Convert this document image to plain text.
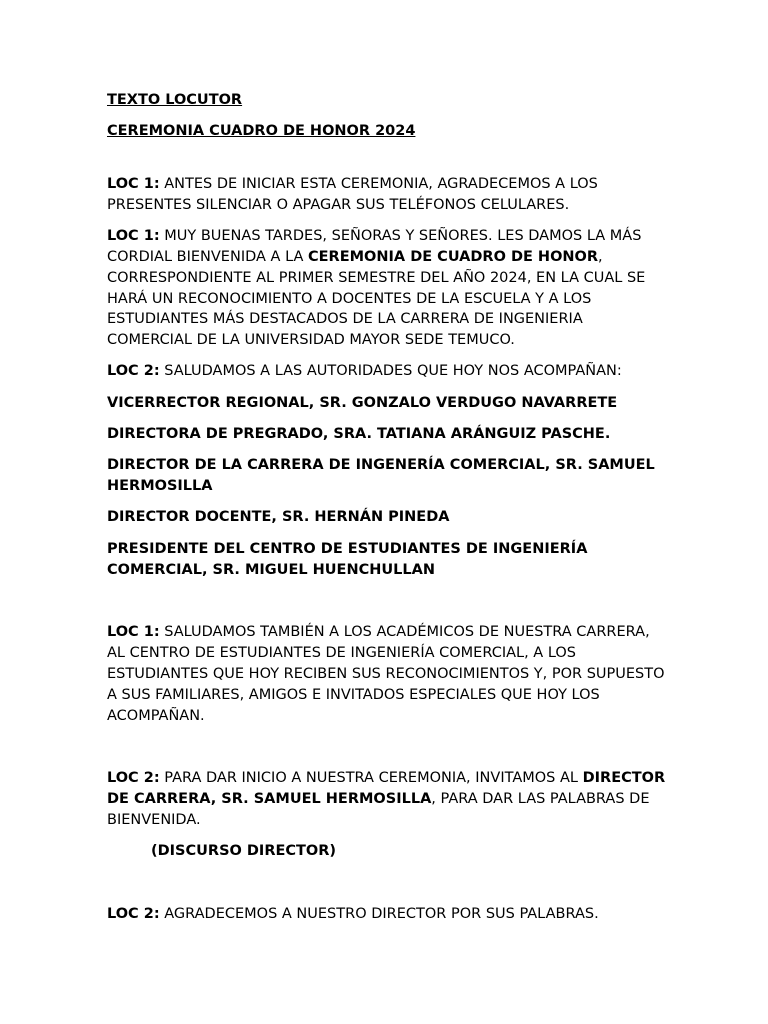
TEXTO LOCUTOR
CEREMONIA CUADRO DE HONOR 2024

LOC 1: ANTES DE INICIAR ESTA CEREMONIA, AGRADECEMOS A LOS PRESENTES SILENCIAR O APAGAR SUS TELÉFONOS CELULARES.

LOC 1: MUY BUENAS TARDES, SEÑORAS Y SEÑORES. LES DAMOS LA MÁS CORDIAL BIENVENIDA A LA CEREMONIA DE CUADRO DE HONOR, CORRESPONDIENTE AL PRIMER SEMESTRE DEL AÑO 2024, EN LA CUAL SE HARÁ UN RECONOCIMIENTO A DOCENTES DE LA ESCUELA Y A LOS ESTUDIANTES MÁS DESTACADOS DE LA CARRERA DE INGENIERIA COMERCIAL DE LA UNIVERSIDAD MAYOR SEDE TEMUCO.

LOC 2: SALUDAMOS A LAS AUTORIDADES QUE HOY NOS ACOMPAÑAN:

VICERRECTOR REGIONAL, SR. GONZALO VERDUGO NAVARRETE

DIRECTORA DE PREGRADO, SRA. TATIANA ARÁNGUIZ PASCHE.

DIRECTOR DE LA CARRERA DE INGENERÍA COMERCIAL, SR. SAMUEL HERMOSILLA

DIRECTOR DOCENTE, SR. HERNÁN PINEDA

PRESIDENTE DEL CENTRO DE ESTUDIANTES DE INGENIERÍA COMERCIAL, SR. MIGUEL HUENCHULLAN

LOC 1: SALUDAMOS TAMBIÉN A LOS ACADÉMICOS DE NUESTRA CARRERA, AL CENTRO DE ESTUDIANTES DE INGENIERÍA COMERCIAL, A LOS ESTUDIANTES QUE HOY RECIBEN SUS RECONOCIMIENTOS Y, POR SUPUESTO A SUS FAMILIARES, AMIGOS E INVITADOS ESPECIALES QUE HOY LOS ACOMPAÑAN.

LOC 2: PARA DAR INICIO A NUESTRA CEREMONIA, INVITAMOS AL DIRECTOR DE CARRERA, SR. SAMUEL HERMOSILLA, PARA DAR LAS PALABRAS DE BIENVENIDA.

(DISCURSO DIRECTOR)

LOC 2: AGRADECEMOS A NUESTRO DIRECTOR POR SUS PALABRAS.
